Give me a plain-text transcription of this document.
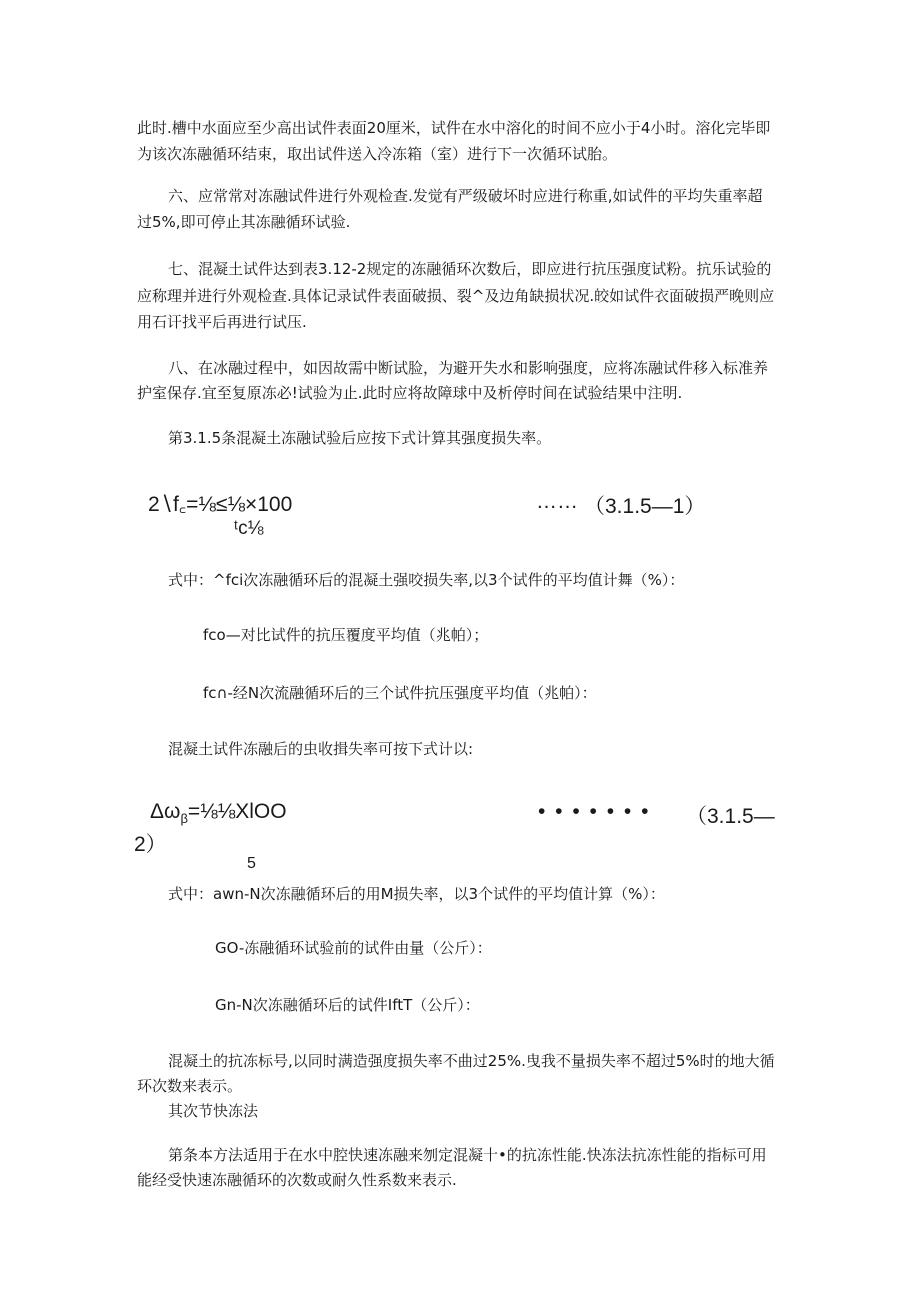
此时.槽中水面应至少高出试件表面20厘米，试件在水中溶化的时间不应小于4小时。溶化完毕即
为该次冻融循环结束，取出试件送入冷冻箱（室）进行下一次循环试胎。
六、应常常对冻融试件进行外观检查.发觉有严级破坏时应进行称重,如试件的平均失重率超
过5%,即可停止其冻融循环试验.
七、混凝土试件达到表3.12-2规定的冻融循环次数后，即应进行抗压强度试粉。抗乐试验的
应称理并进行外观检查.具体记录试件表面破损、裂^及边角缺损状况.皎如试件衣面破损严晚则应
用石讦找平后再进行试压.
八、在冰融过程中，如因故需中断试脸，为避开失水和影响强度，应将冻融试件移入标准养
护室保存.宜至复原冻必!试验为止.此时应将故障球中及析停时间在试验结果中注明.
第3.1.5条混凝土冻融试验后应按下式计算其强度损失率。
2∖f꜀=⅛≤⅛×100
ᵗc⅛
…… （3.1.5—1）
式中：^fci次冻融循环后的混凝土强咬损失率,以3个试件的平均值计舞（%）：
fco—对比试件的抗压覆度平均值（兆帕）；
fc∩-经N次流融循环后的三个试件抗压强度平均值（兆帕）：
混凝土试件冻融后的虫收揖失率可按下式计以:
$\Delta\omega_\beta=\frac{1}{8}\frac{1}{8}XlOO$	• • • • • • • （3.1.5—
2）
5
式中：awn-N次冻融循环后的用M损失率，以3个试件的平均值计算（%）：
GO-冻融循环试验前的试件由量（公斤）：
Gn-N次冻融循环后的试件IftT（公斤）：
混凝土的抗冻标号,以同时满造强度损失率不曲过25%.曳我不量损失率不超过5%时的地大循
环次数来表示。
其次节快冻法
第条本方法适用于在水中腔快速冻融来刎定混凝十•的抗冻性能.快冻法抗冻性能的指标可用
能经受快速冻融循环的次数或耐久性系数来表示.
